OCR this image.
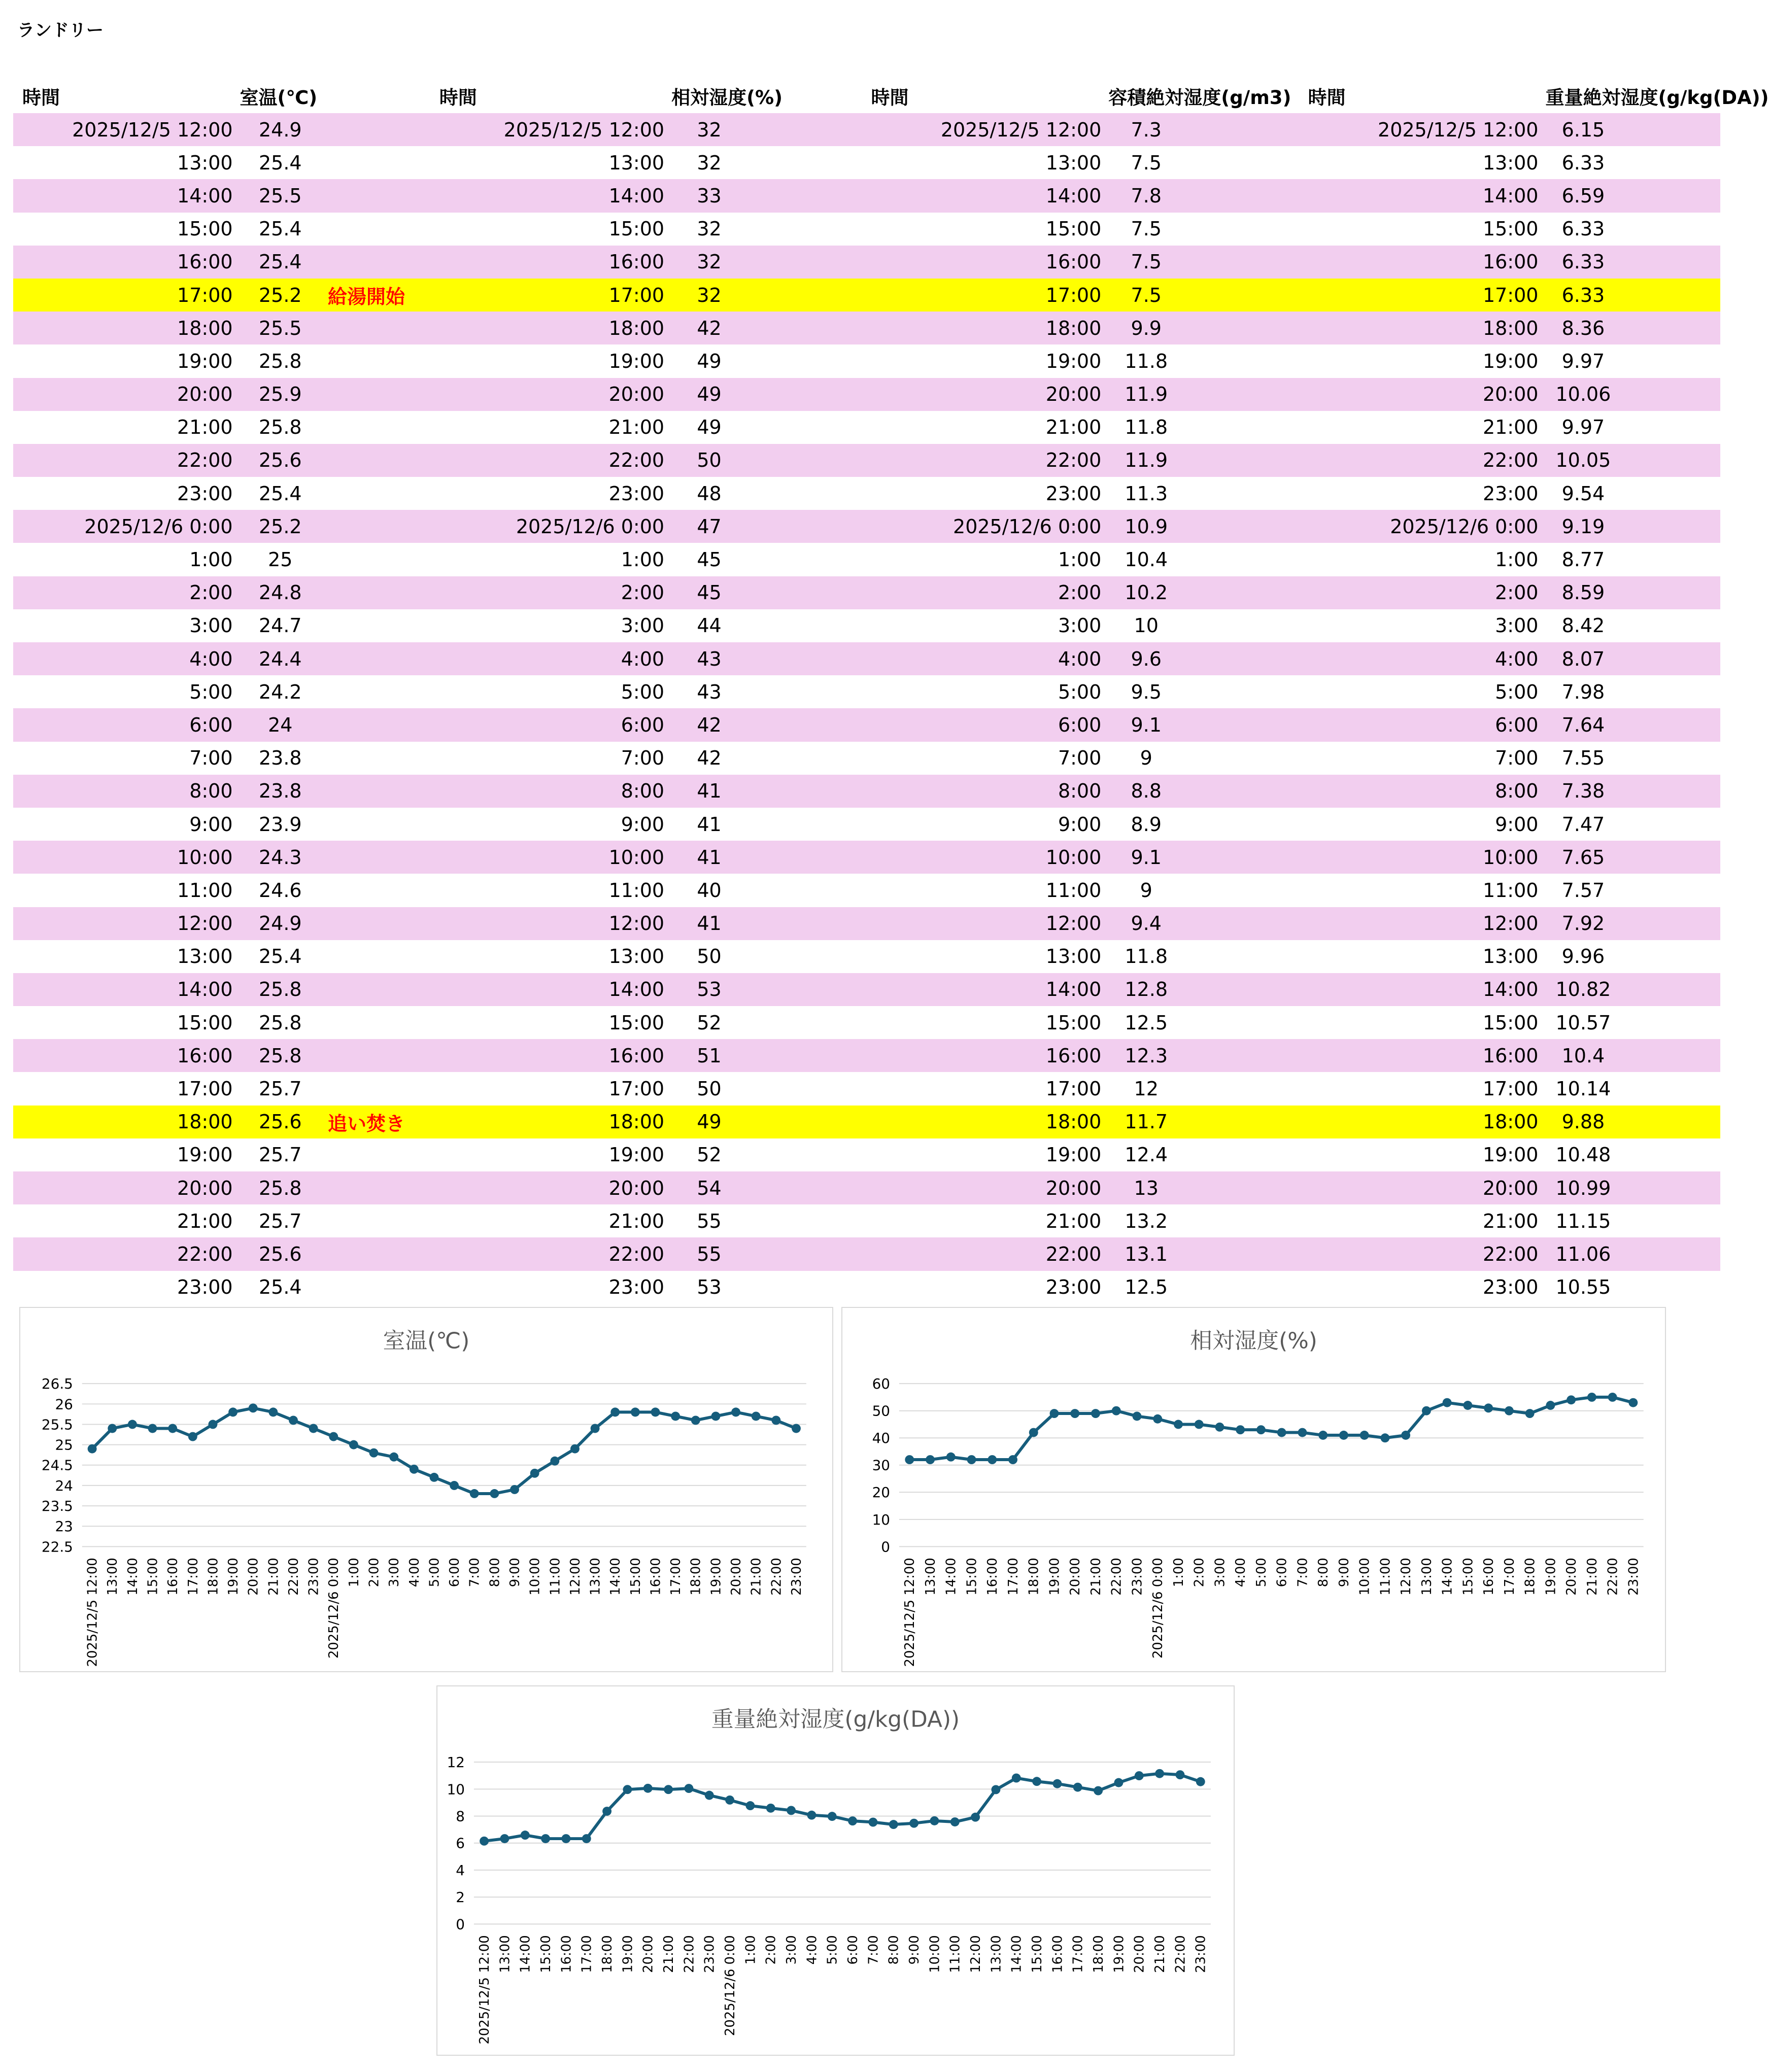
ランドリー
時間	室温(℃)		時間	相対湿度(%)		時間	容積絶対湿度(g/m3)		時間	重量絶対湿度(g/kg(DA))	
2025/12/5 12:00	24.9		2025/12/5 12:00	32		2025/12/5 12:00	7.3		2025/12/5 12:00	6.15	
13:00	25.4		13:00	32		13:00	7.5		13:00	6.33	
14:00	25.5		14:00	33		14:00	7.8		14:00	6.59	
15:00	25.4		15:00	32		15:00	7.5		15:00	6.33	
16:00	25.4		16:00	32		16:00	7.5		16:00	6.33	
17:00	25.2	給湯開始	17:00	32		17:00	7.5		17:00	6.33	
18:00	25.5		18:00	42		18:00	9.9		18:00	8.36	
19:00	25.8		19:00	49		19:00	11.8		19:00	9.97	
20:00	25.9		20:00	49		20:00	11.9		20:00	10.06	
21:00	25.8		21:00	49		21:00	11.8		21:00	9.97	
22:00	25.6		22:00	50		22:00	11.9		22:00	10.05	
23:00	25.4		23:00	48		23:00	11.3		23:00	9.54	
2025/12/6 0:00	25.2		2025/12/6 0:00	47		2025/12/6 0:00	10.9		2025/12/6 0:00	9.19	
1:00	25		1:00	45		1:00	10.4		1:00	8.77	
2:00	24.8		2:00	45		2:00	10.2		2:00	8.59	
3:00	24.7		3:00	44		3:00	10		3:00	8.42	
4:00	24.4		4:00	43		4:00	9.6		4:00	8.07	
5:00	24.2		5:00	43		5:00	9.5		5:00	7.98	
6:00	24		6:00	42		6:00	9.1		6:00	7.64	
7:00	23.8		7:00	42		7:00	9		7:00	7.55	
8:00	23.8		8:00	41		8:00	8.8		8:00	7.38	
9:00	23.9		9:00	41		9:00	8.9		9:00	7.47	
10:00	24.3		10:00	41		10:00	9.1		10:00	7.65	
11:00	24.6		11:00	40		11:00	9		11:00	7.57	
12:00	24.9		12:00	41		12:00	9.4		12:00	7.92	
13:00	25.4		13:00	50		13:00	11.8		13:00	9.96	
14:00	25.8		14:00	53		14:00	12.8		14:00	10.82	
15:00	25.8		15:00	52		15:00	12.5		15:00	10.57	
16:00	25.8		16:00	51		16:00	12.3		16:00	10.4	
17:00	25.7		17:00	50		17:00	12		17:00	10.14	
18:00	25.6	追い焚き	18:00	49		18:00	11.7		18:00	9.88	
19:00	25.7		19:00	52		19:00	12.4		19:00	10.48	
20:00	25.8		20:00	54		20:00	13		20:00	10.99	
21:00	25.7		21:00	55		21:00	13.2		21:00	11.15	
22:00	25.6		22:00	55		22:00	13.1		22:00	11.06	
23:00	25.4		23:00	53		23:00	12.5		23:00	10.55	
室温(℃)
22.5
23
23.5
24
24.5
25
25.5
26
26.5
2025/12/5 12:00 13:00 14:00 15:00 16:00 17:00 18:00 19:00 20:00 21:00 22:00 23:00 2025/12/6 0:00 1:00 2:00 3:00 4:00 5:00 6:00 7:00 8:00 9:00 10:00 11:00 12:00 13:00 14:00 15:00 16:00 17:00 18:00 19:00 20:00 21:00 22:00 23:00
相対湿度(%)
0
10
20
30
40
50
60
2025/12/5 12:00 13:00 14:00 15:00 16:00 17:00 18:00 19:00 20:00 21:00 22:00 23:00 2025/12/6 0:00 1:00 2:00 3:00 4:00 5:00 6:00 7:00 8:00 9:00 10:00 11:00 12:00 13:00 14:00 15:00 16:00 17:00 18:00 19:00 20:00 21:00 22:00 23:00
重量絶対湿度(g/kg(DA))
0
2
4
6
8
10
12
2025/12/5 12:00 13:00 14:00 15:00 16:00 17:00 18:00 19:00 20:00 21:00 22:00 23:00 2025/12/6 0:00 1:00 2:00 3:00 4:00 5:00 6:00 7:00 8:00 9:00 10:00 11:00 12:00 13:00 14:00 15:00 16:00 17:00 18:00 19:00 20:00 21:00 22:00 23:00
